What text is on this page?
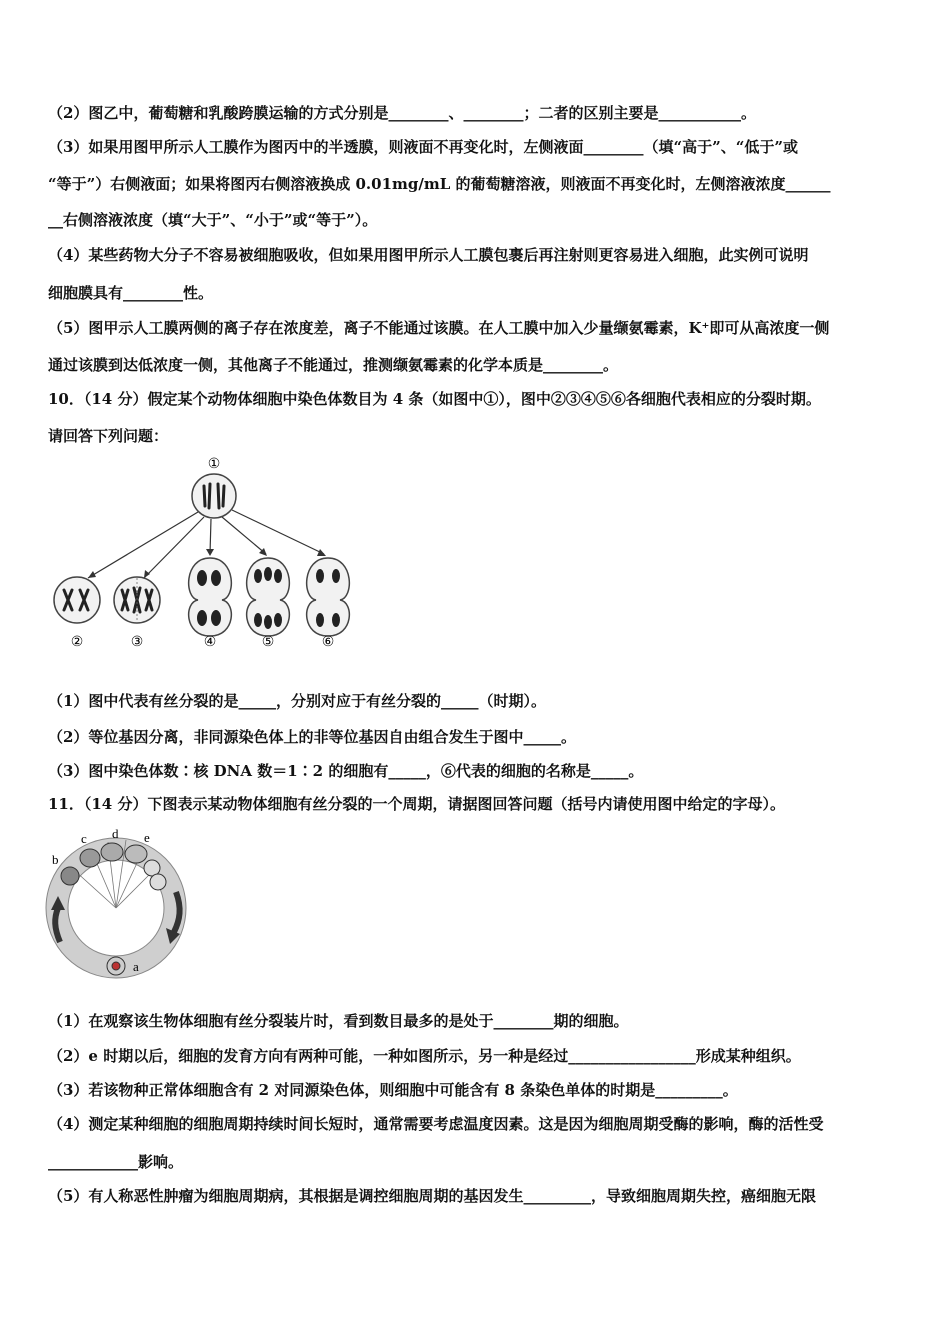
（2）图乙中，葡萄糖和乳酸跨膜运输的方式分别是________、________；二者的区别主要是___________。
（3）如果用图甲所示人工膜作为图丙中的半透膜，则液面不再变化时，左侧液面________（填“高于”、“低于”或
“等于”）右侧液面；如果将图丙右侧溶液换成 0.01mg/mL 的葡萄糖溶液，则液面不再变化时，左侧溶液浓度______
__右侧溶液浓度（填“大于”、“小于”或“等于”）。
（4）某些药物大分子不容易被细胞吸收，但如果用图甲所示人工膜包裹后再注射则更容易进入细胞，此实例可说明
细胞膜具有________性。
（5）图甲示人工膜两侧的离子存在浓度差，离子不能通过该膜。在人工膜中加入少量缬氨霉素，K⁺即可从高浓度一侧
通过该膜到达低浓度一侧，其他离子不能通过，推测缬氨霉素的化学本质是________。
10．（14 分）假定某个动物体细胞中染色体数目为 4 条（如图中①），图中②③④⑤⑥各细胞代表相应的分裂时期。
请回答下列问题：
①
②	③	④	⑤	⑥
（1）图中代表有丝分裂的是_____，分别对应于有丝分裂的_____（时期）。
（2）等位基因分离，非同源染色体上的非等位基因自由组合发生于图中_____。
（3）图中染色体数∶核 DNA 数＝1∶2 的细胞有_____，⑥代表的细胞的名称是_____。
11．（14 分）下图表示某动物体细胞有丝分裂的一个周期，请据图回答问题（括号内请使用图中给定的字母）。
a
b
c d e
（1）在观察该生物体细胞有丝分裂装片时，看到数目最多的是处于________期的细胞。
（2）e 时期以后，细胞的发育方向有两种可能，一种如图所示，另一种是经过_________________形成某种组织。
（3）若该物种正常体细胞含有 2 对同源染色体，则细胞中可能含有 8 条染色单体的时期是_________。
（4）测定某种细胞的细胞周期持续时间长短时，通常需要考虑温度因素。这是因为细胞周期受酶的影响，酶的活性受
____________影响。
（5）有人称恶性肿瘤为细胞周期病，其根据是调控细胞周期的基因发生_________，导致细胞周期失控，癌细胞无限
